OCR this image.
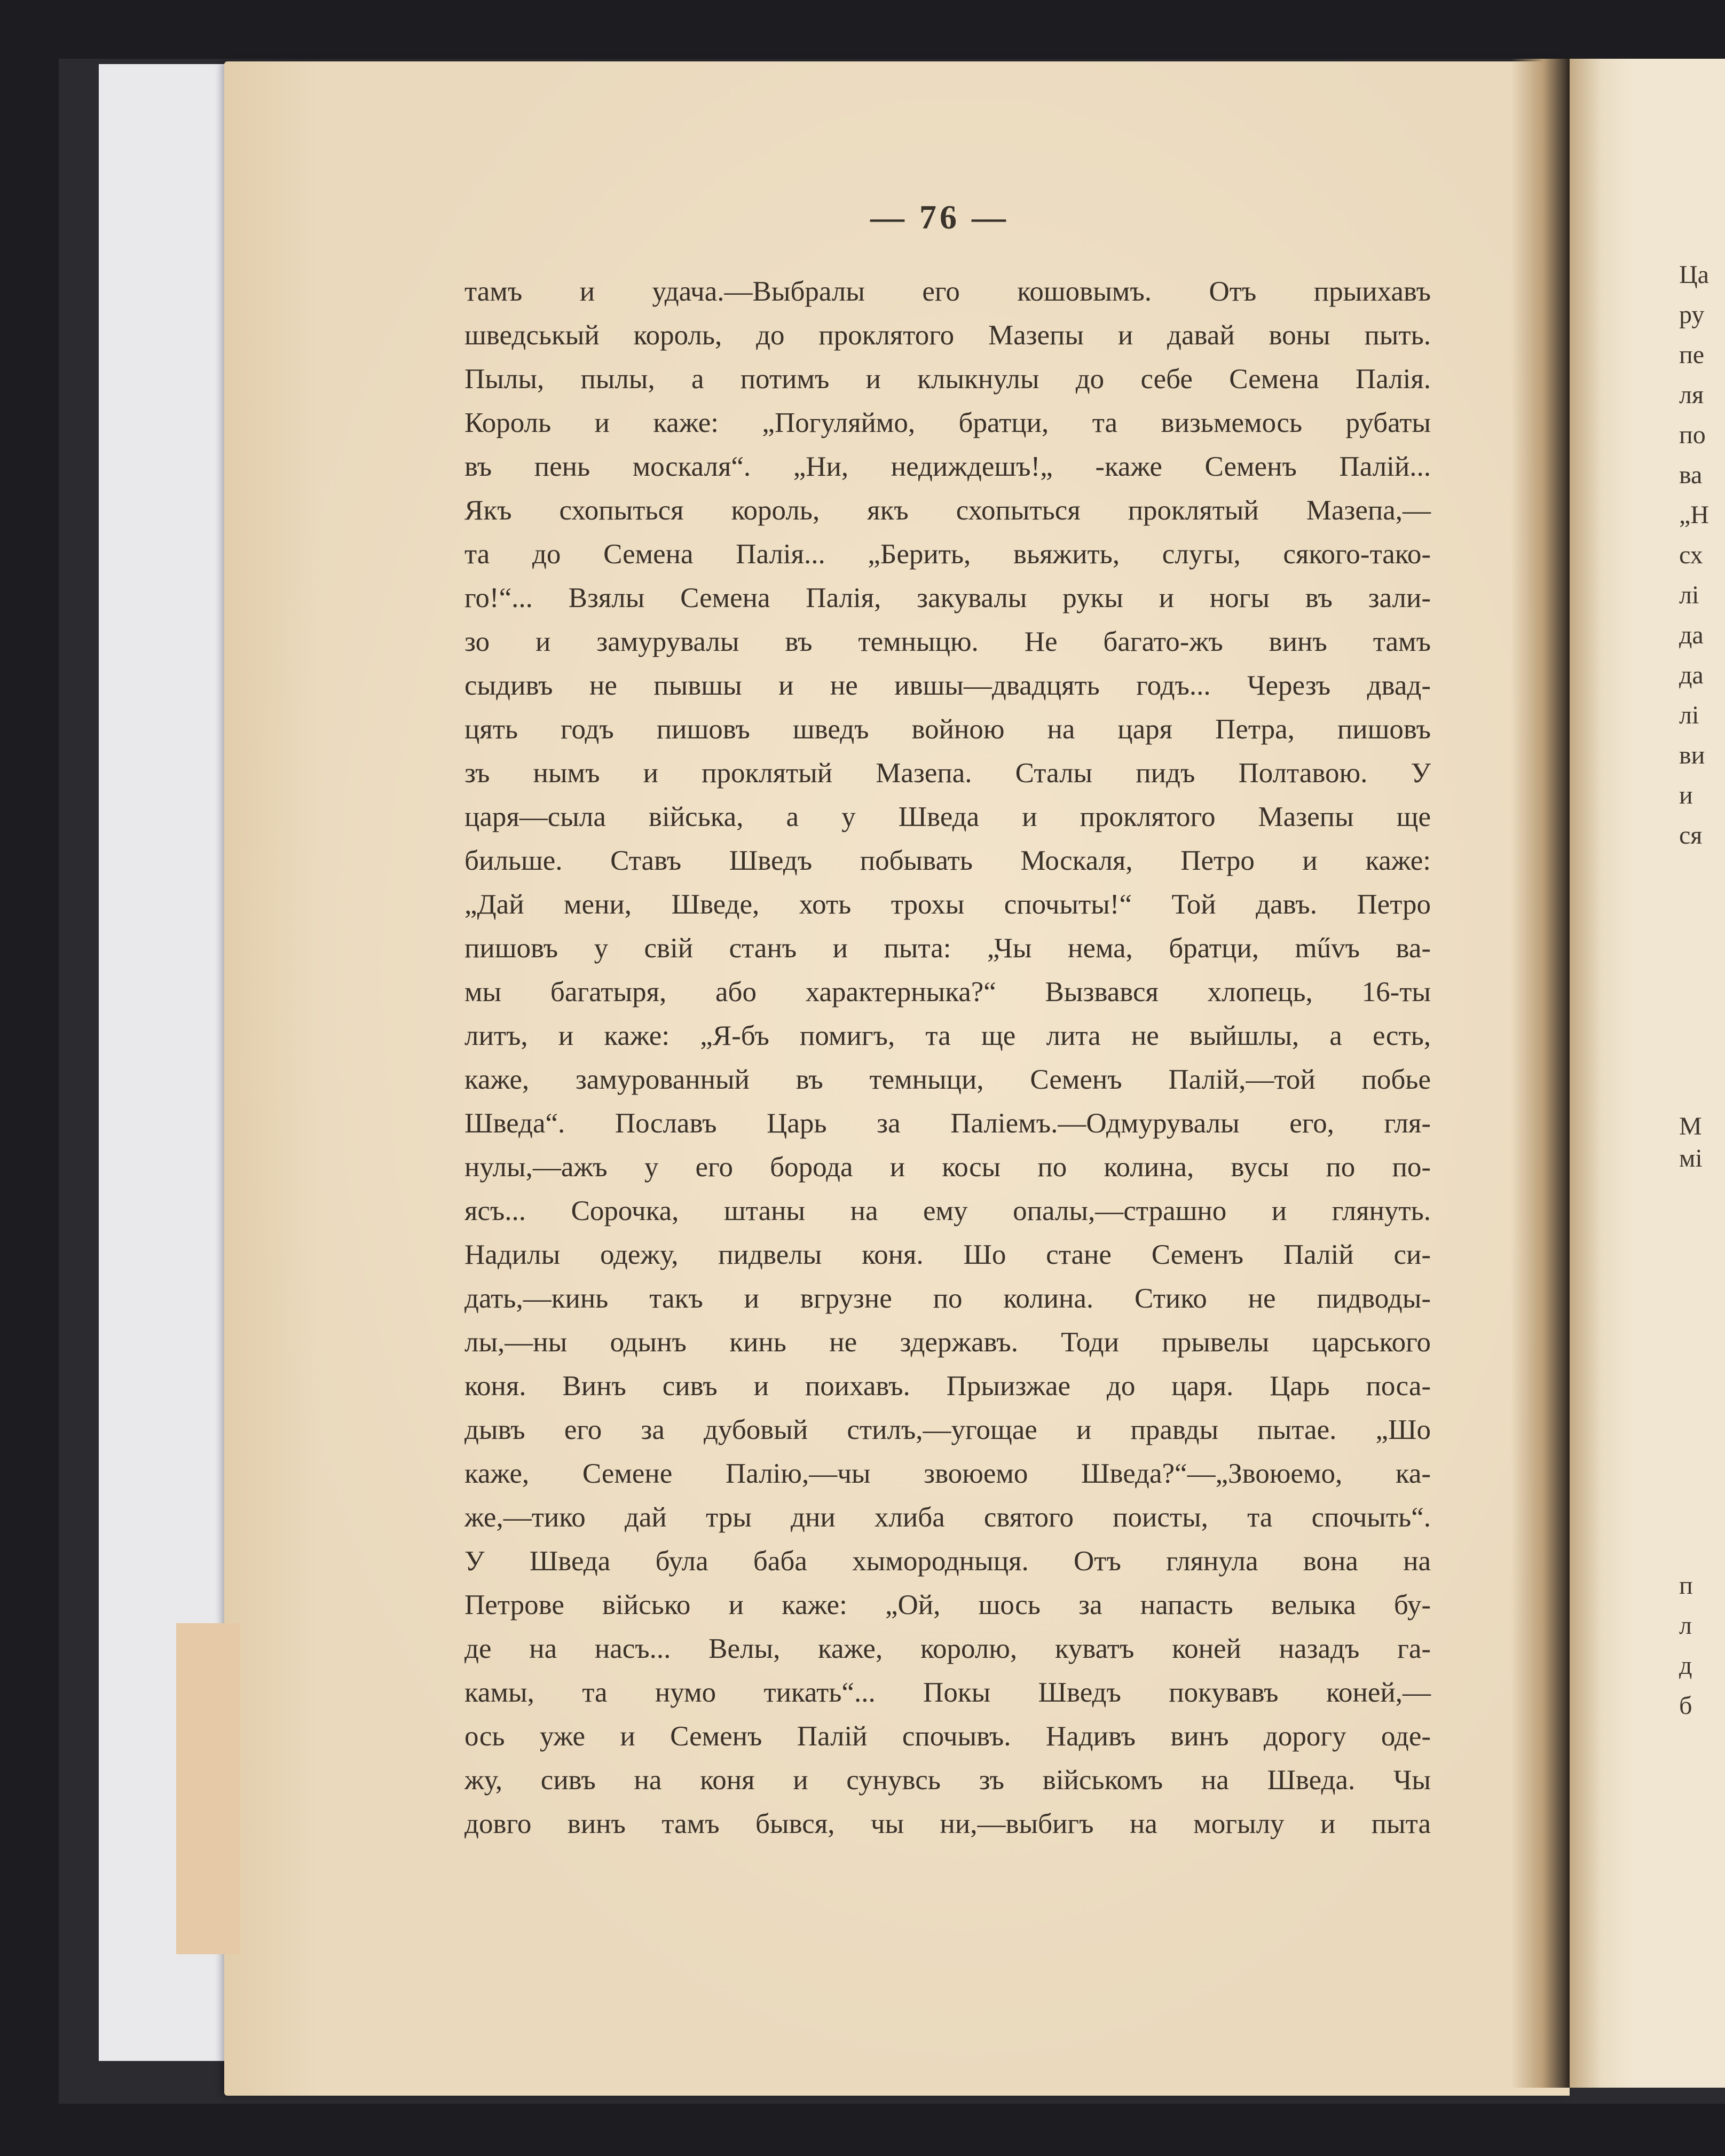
— 76 —
тамъ и удача.—Выбралы его кошовымъ. Отъ прыихавъ
шведськый король, до проклятого Мазепы и давай воны пыть.
Пылы, пылы, а потимъ и клыкнулы до себе Семена Палія.
Король и каже: „Погуляймо, братци, та визьмемось рубаты
въ пень москаля“. „Ни, недиждешъ!„ -каже Семенъ Палій...
Якъ схопыться король, якъ схопыться проклятый Мазепа,—
та до Семена Палія... „Берить, вьяжить, слугы, сякого-тако-
го!“... Взялы Семена Палія, закувалы рукы и ногы въ зали-
зо и замурувалы въ темныцю. Не багато-жъ винъ тамъ
сыдивъ не пывшы и не ившы—двадцять годъ... Черезъ двад-
цять годъ пишовъ шведъ войною на царя Петра, пишовъ
зъ нымъ и проклятый Мазепа. Сталы пидъ Полтавою. У
царя—сыла війська, а у Шведа и проклятого Мазепы ще
бильше. Ставъ Шведъ побывать Москаля, Петро и каже:
„Дай мени, Шведе, хоть трохы спочыты!“ Той давъ. Петро
пишовъ у свій станъ и пыта: „Чы нема, братци, művъ ва-
мы багатыря, або характерныка?“ Вызвався хлопець, 16-ты
литъ, и каже: „Я-бъ помигъ, та ще лита не выйшлы, а есть,
каже, замурованный въ темныци, Семенъ Палій,—той побье
Шведа“. Пославъ Царь за Паліемъ.—Одмурувалы его, гля-
нулы,—ажъ у его борода и косы по колина, вусы по по-
ясъ... Сорочка, штаны на ему опалы,—страшно и глянуть.
Надилы одежу, пидвелы коня. Шо стане Семенъ Палій си-
дать,—кинь такъ и вгрузне по колина. Стико не пидводы-
лы,—ны одынъ кинь не здержавъ. Тоди прывелы царського
коня. Винъ сивъ и поихавъ. Прыизжае до царя. Царь поса-
дывъ его за дубовый стилъ,—угощае и правды пытае. „Шо
каже, Семене Палію,—чы звоюемо Шведа?“—„Звоюемо, ка-
же,—тико дай тры дни хлиба святого поисты, та спочыть“.
У Шведа була баба хымородныця. Отъ глянула вона на
Петрове військо и каже: „Ой, шось за напасть велыка бу-
де на насъ... Велы, каже, королю, куватъ коней назадъ га-
камы, та нумо тикать“... Покы Шведъ покувавъ коней,—
ось уже и Семенъ Палій спочывъ. Надивъ винъ дорогу оде-
жу, сивъ на коня и сунувсь зъ військомъ на Шведа. Чы
довго винъ тамъ бывся, чы ни,—выбигъ на могылу и пыта
Ца
ру
пе
ля
по
ва
„Н
сх
лі
да
да
лі
ви
и
ся
М
мі
п
л
д
б
